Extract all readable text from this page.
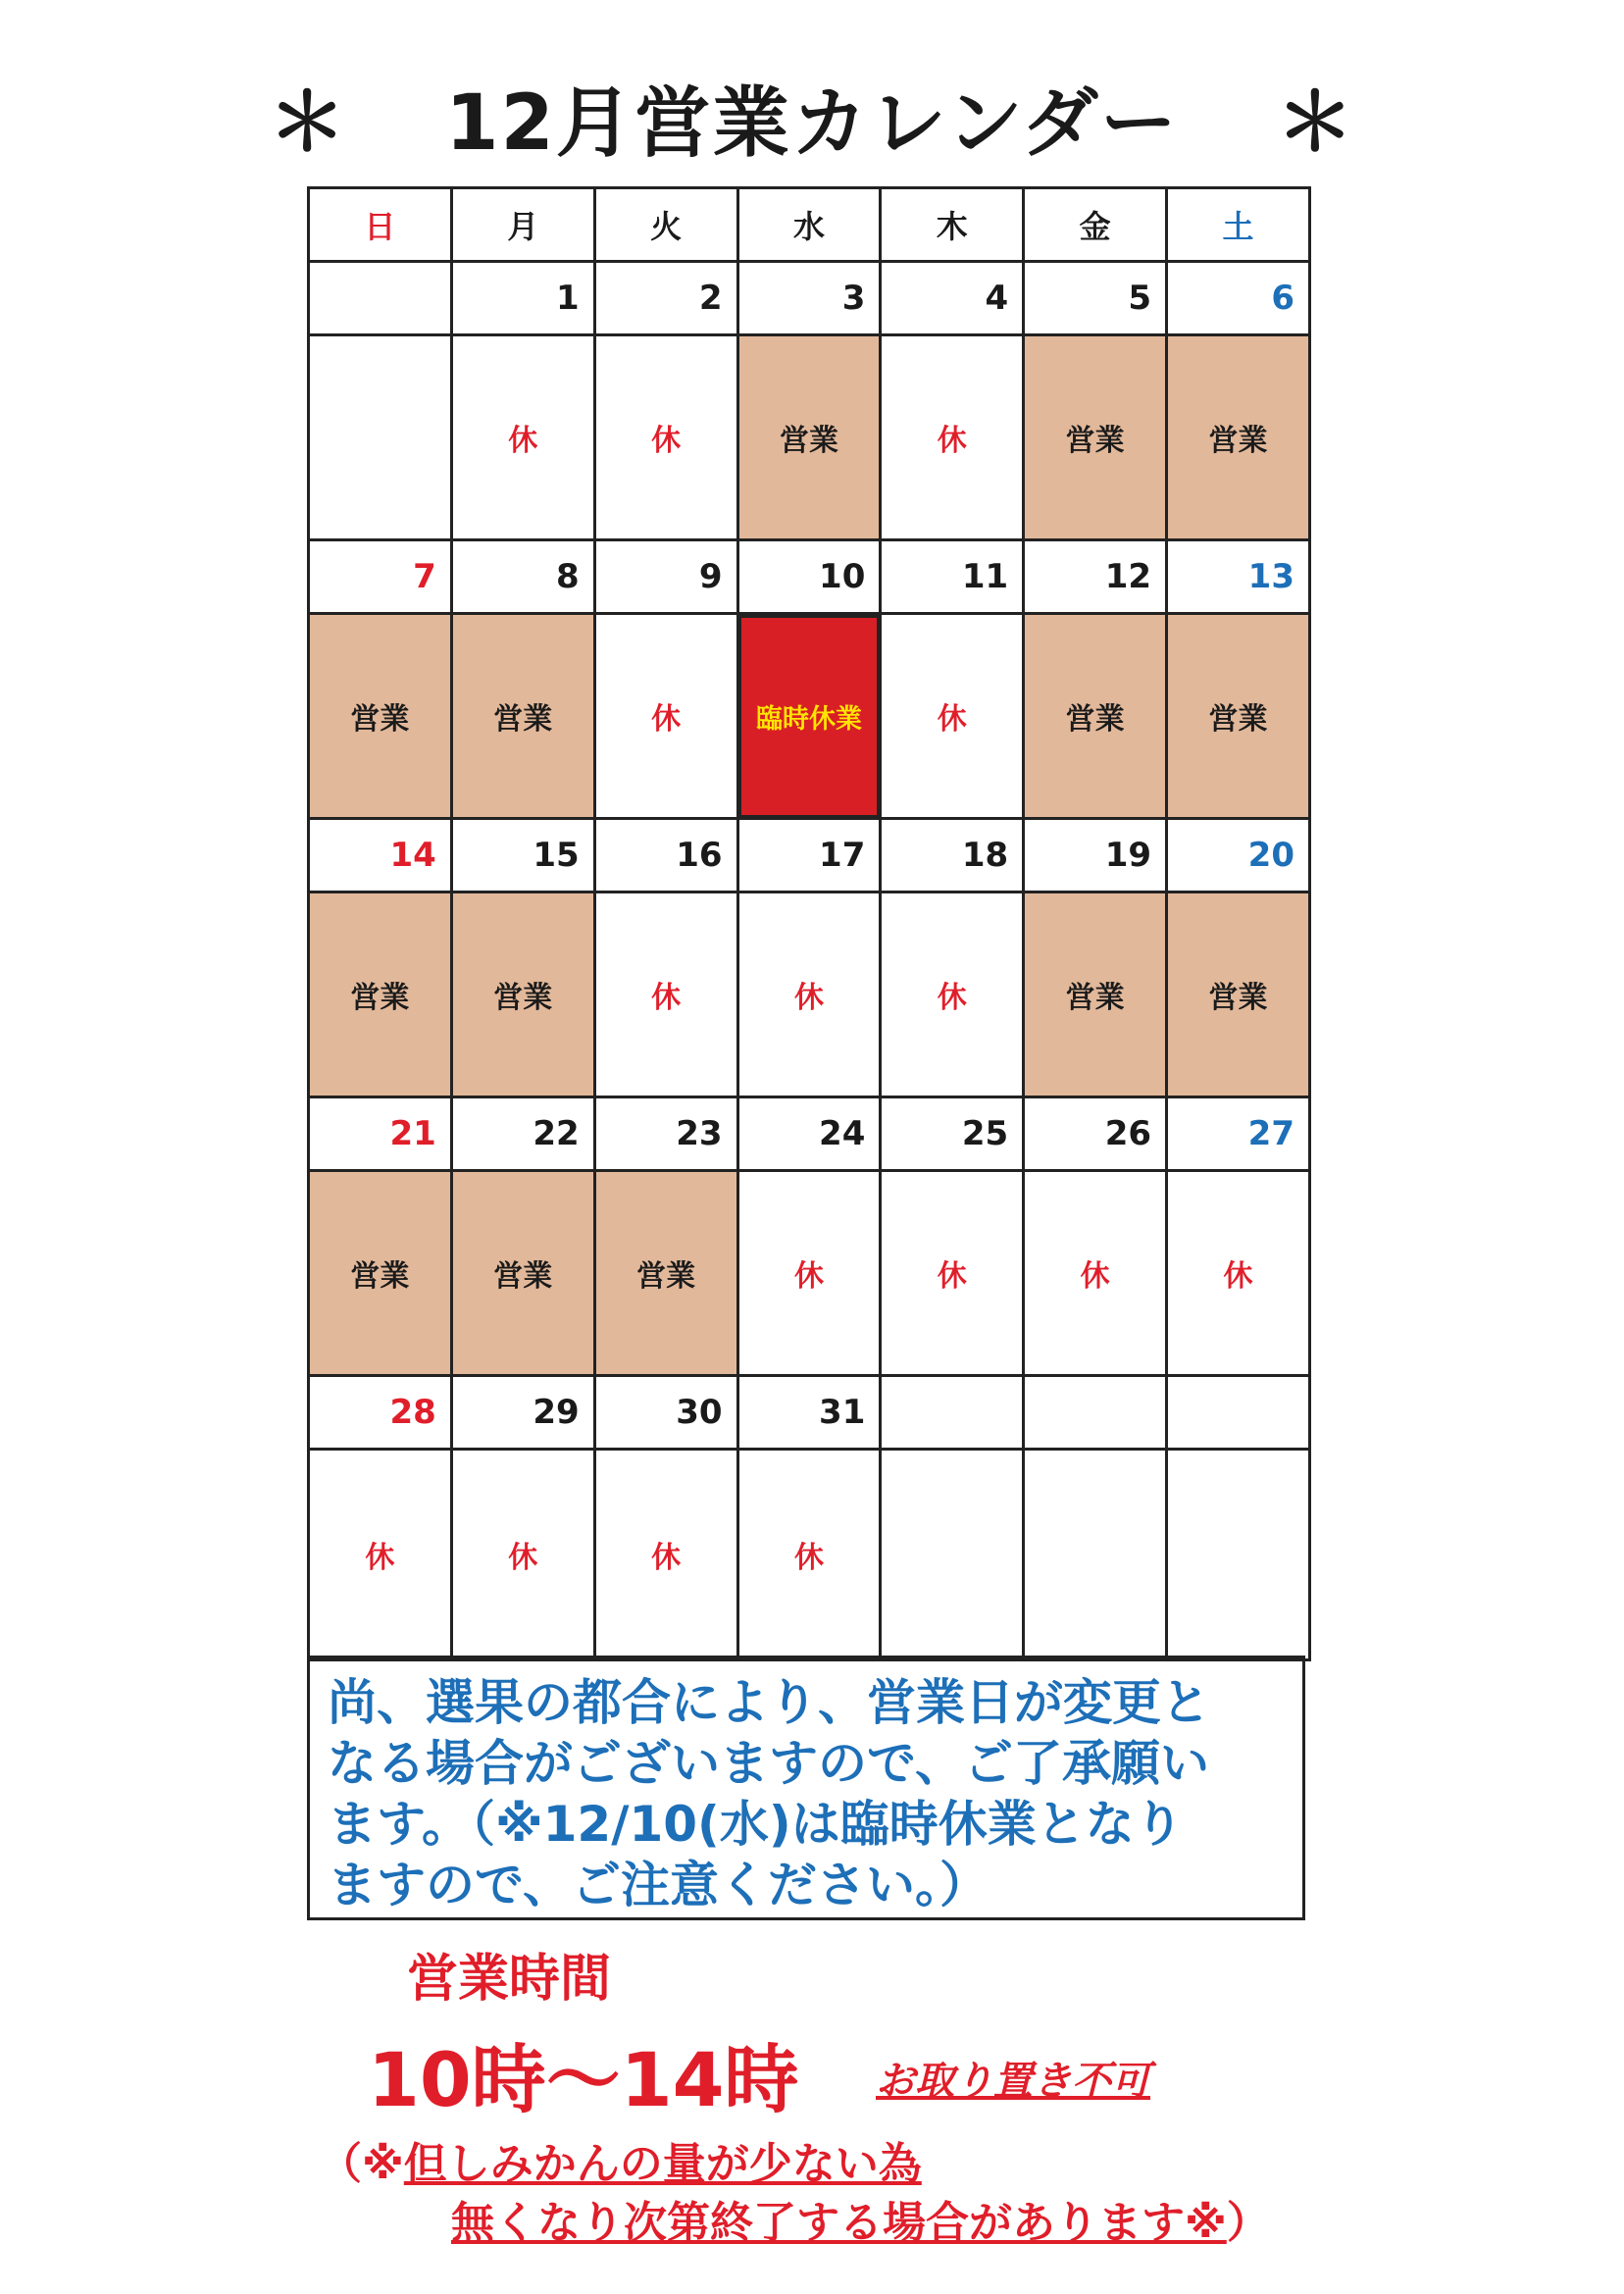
＊ 12月営業カレンダー ＊
日	月	火	水	木	金	土
	1	2	3	4	5	6
	休	休	営業	休	営業	営業
7	8	9	10	11	12	13
営業	営業	休	臨時休業	休	営業	営業
14	15	16	17	18	19	20
営業	営業	休	休	休	営業	営業
21	22	23	24	25	26	27
営業	営業	営業	休	休	休	休
28	29	30	31			
休	休	休	休			
尚、選果の都合により、営業日が変更と
なる場合がございますので、ご了承願い
ます。（※12/10(水)は臨時休業となり
ますので、ご注意ください。）
営業時間
10時～14時 お取り置き不可
（※但しみかんの量が少ない為
無くなり次第終了する場合があります※）
